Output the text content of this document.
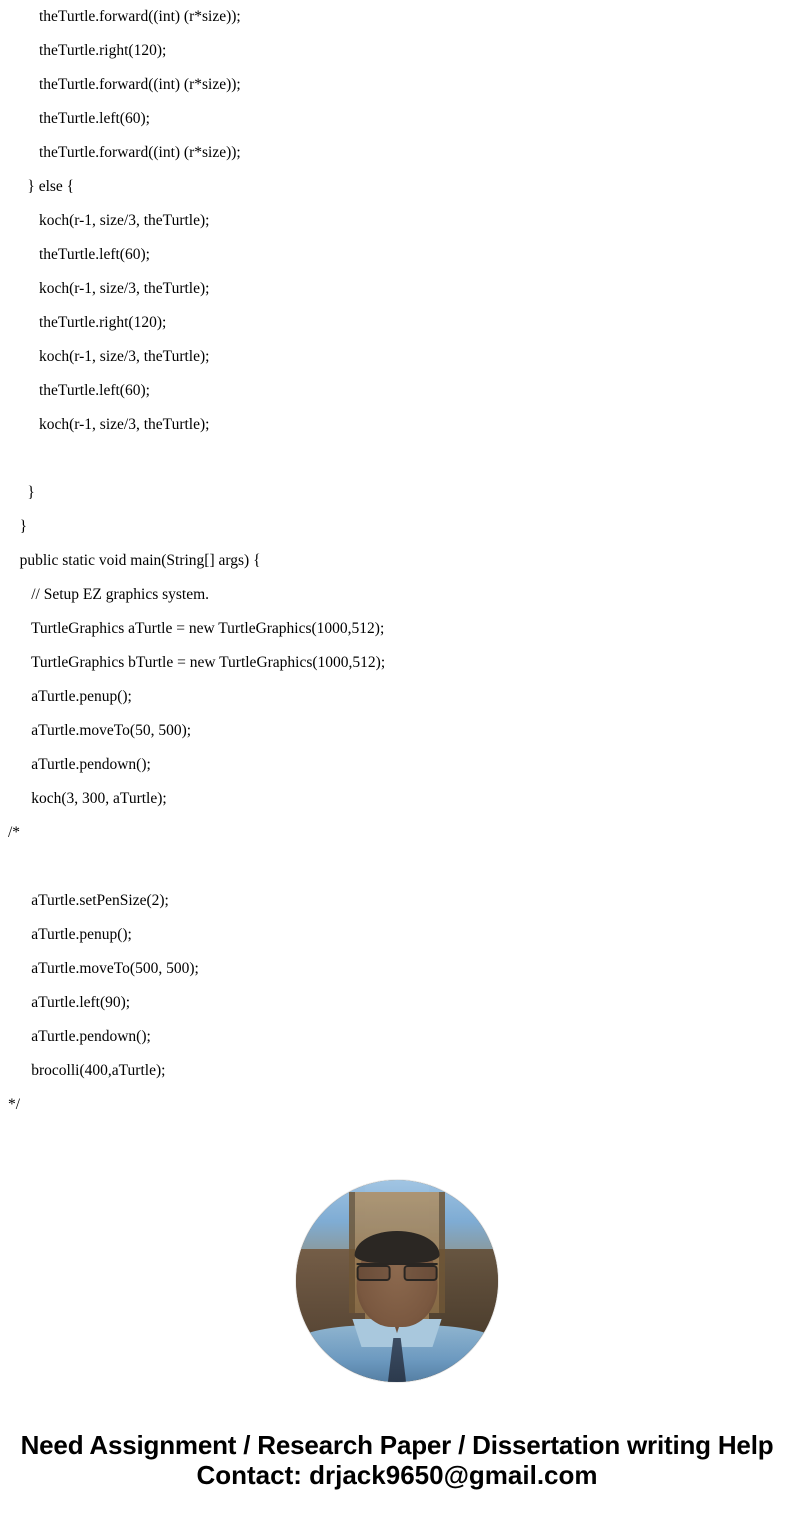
theTurtle.forward((int) (r*size));
theTurtle.right(120);
theTurtle.forward((int) (r*size));
theTurtle.left(60);
theTurtle.forward((int) (r*size));
} else {
koch(r-1, size/3, theTurtle);
theTurtle.left(60);
koch(r-1, size/3, theTurtle);
theTurtle.right(120);
koch(r-1, size/3, theTurtle);
theTurtle.left(60);
koch(r-1, size/3, theTurtle);
}
}
public static void main(String[] args) {
// Setup EZ graphics system.
TurtleGraphics aTurtle = new TurtleGraphics(1000,512);
TurtleGraphics bTurtle = new TurtleGraphics(1000,512);
aTurtle.penup();
aTurtle.moveTo(50, 500);
aTurtle.pendown();
koch(3, 300, aTurtle);
/*
aTurtle.setPenSize(2);
aTurtle.penup();
aTurtle.moveTo(500, 500);
aTurtle.left(90);
aTurtle.pendown();
brocolli(400,aTurtle);
*/
Need Assignment / Research Paper / Dissertation writing Help
Contact: drjack9650@gmail.com
